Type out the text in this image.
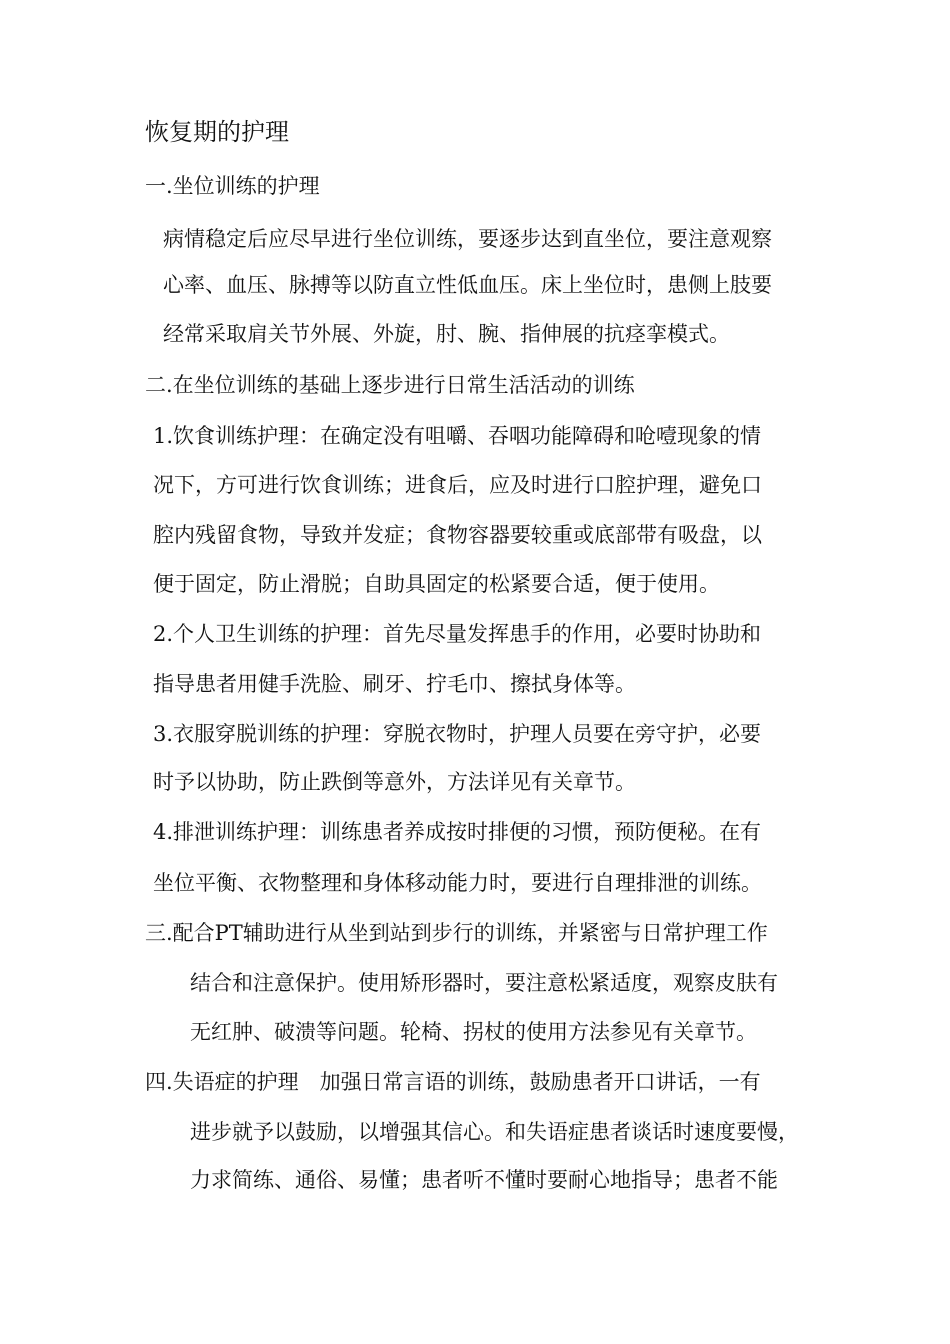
恢复期的护理
一.坐位训练的护理
病情稳定后应尽早进行坐位训练，要逐步达到直坐位，要注意观察
心率、血压、脉搏等以防直立性低血压。床上坐位时，患侧上肢要
经常采取肩关节外展、外旋，肘、腕、指伸展的抗痉挛模式。
二.在坐位训练的基础上逐步进行日常生活活动的训练
1.饮食训练护理：在确定没有咀嚼、吞咽功能障碍和呛噎现象的情
况下，方可进行饮食训练；进食后，应及时进行口腔护理，避免口
腔内残留食物，导致并发症；食物容器要较重或底部带有吸盘，以
便于固定，防止滑脱；自助具固定的松紧要合适，便于使用。
2.个人卫生训练的护理：首先尽量发挥患手的作用，必要时协助和
指导患者用健手洗脸、刷牙、拧毛巾、擦拭身体等。
3.衣服穿脱训练的护理：穿脱衣物时，护理人员要在旁守护，必要
时予以协助，防止跌倒等意外，方法详见有关章节。
4.排泄训练护理：训练患者养成按时排便的习惯，预防便秘。在有
坐位平衡、衣物整理和身体移动能力时，要进行自理排泄的训练。
三.配合PT辅助进行从坐到站到步行的训练，并紧密与日常护理工作
结合和注意保护。使用矫形器时，要注意松紧适度，观察皮肤有
无红肿、破溃等问题。轮椅、拐杖的使用方法参见有关章节。
四.失语症的护理　加强日常言语的训练，鼓励患者开口讲话，一有
进步就予以鼓励，以增强其信心。和失语症患者谈话时速度要慢，
力求简练、通俗、易懂；患者听不懂时要耐心地指导；患者不能
